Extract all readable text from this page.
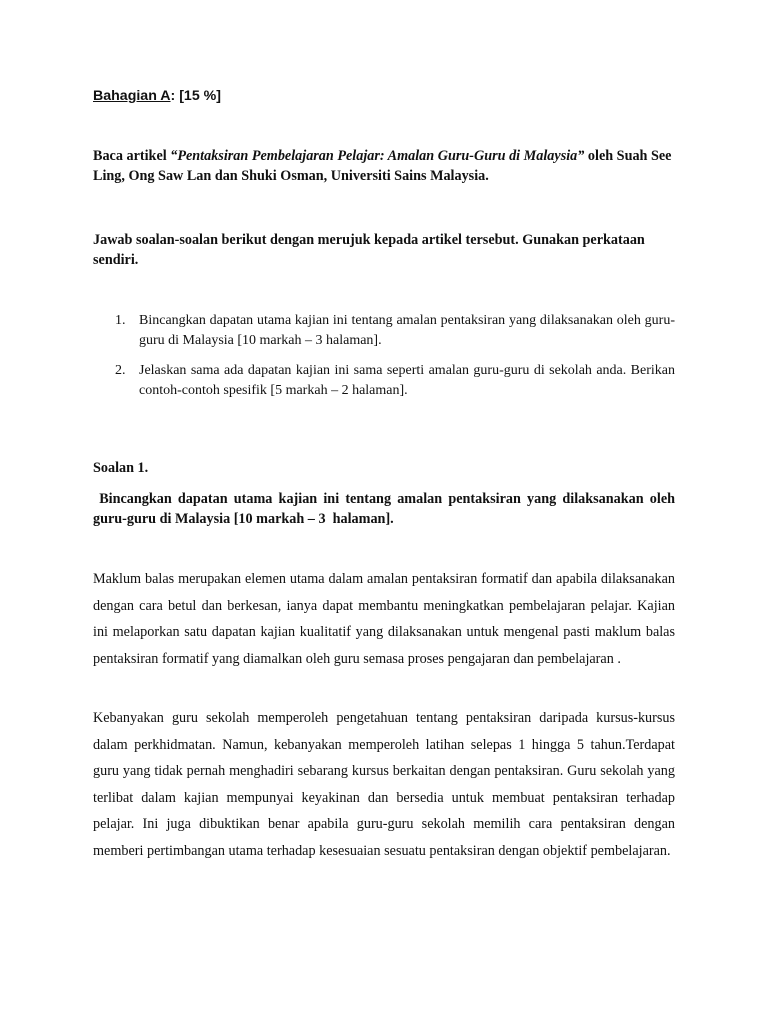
Bahagian A: [15 %]
Baca artikel “Pentaksiran Pembelajaran Pelajar: Amalan Guru-Guru di Malaysia” oleh Suah See Ling, Ong Saw Lan dan Shuki Osman, Universiti Sains Malaysia.
Jawab soalan-soalan berikut dengan merujuk kepada artikel tersebut. Gunakan perkataan sendiri.
1. Bincangkan dapatan utama kajian ini tentang amalan pentaksiran yang dilaksanakan oleh guru-guru di Malaysia [10 markah – 3 halaman].
2. Jelaskan sama ada dapatan kajian ini sama seperti amalan guru-guru di sekolah anda. Berikan contoh-contoh spesifik [5 markah – 2 halaman].
Soalan 1.
Bincangkan dapatan utama kajian ini tentang amalan pentaksiran yang dilaksanakan oleh guru-guru di Malaysia [10 markah – 3  halaman].
Maklum balas merupakan elemen utama dalam amalan pentaksiran formatif dan apabila dilaksanakan dengan cara betul dan berkesan, ianya dapat membantu meningkatkan pembelajaran pelajar. Kajian ini melaporkan satu dapatan kajian kualitatif yang dilaksanakan untuk mengenal pasti maklum balas pentaksiran formatif yang diamalkan oleh guru semasa proses pengajaran dan pembelajaran .
Kebanyakan guru sekolah memperoleh pengetahuan tentang pentaksiran daripada kursus-kursus dalam perkhidmatan. Namun, kebanyakan memperoleh latihan selepas 1 hingga 5 tahun.Terdapat guru yang tidak pernah menghadiri sebarang kursus berkaitan dengan pentaksiran. Guru sekolah yang terlibat dalam kajian mempunyai keyakinan dan bersedia untuk membuat pentaksiran terhadap pelajar. Ini juga dibuktikan benar apabila guru-guru sekolah memilih cara pentaksiran dengan memberi pertimbangan utama terhadap kesesuaian sesuatu pentaksiran dengan objektif pembelajaran.
